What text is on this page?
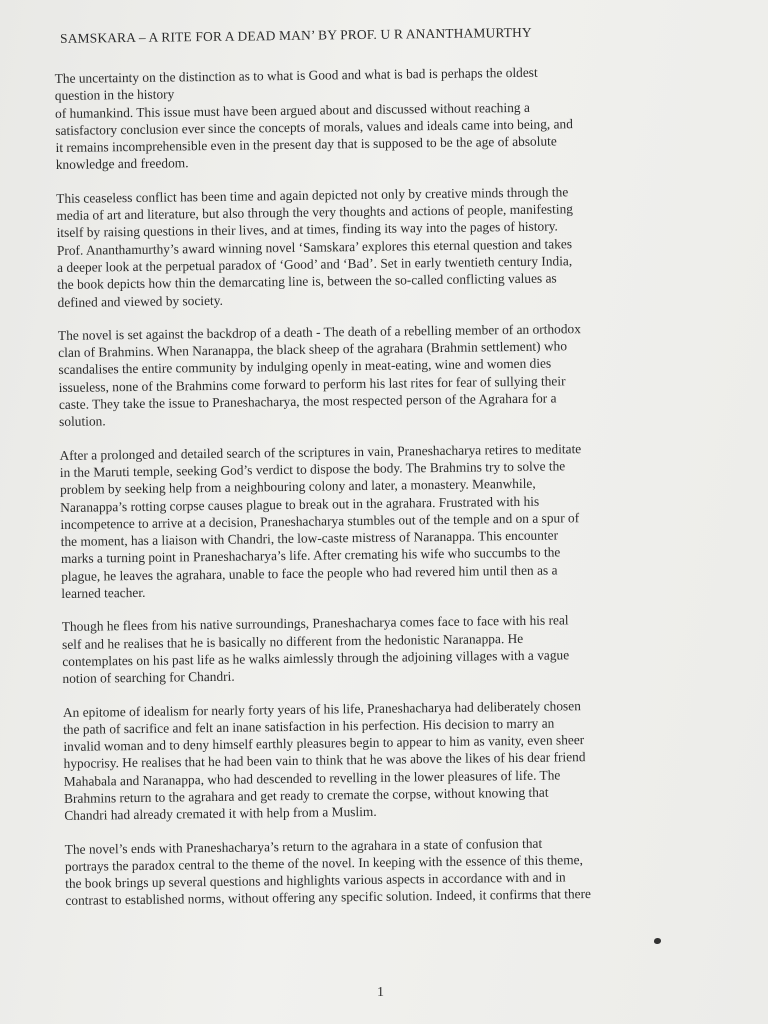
SAMSKARA – A RITE FOR A DEAD MAN’ BY PROF. U R ANANTHAMURTHY

The uncertainty on the distinction as to what is Good and what is bad is perhaps the oldest
question in the history
of humankind. This issue must have been argued about and discussed without reaching a
satisfactory conclusion ever since the concepts of morals, values and ideals came into being, and
it remains incomprehensible even in the present day that is supposed to be the age of absolute
knowledge and freedom.

This ceaseless conflict has been time and again depicted not only by creative minds through the
media of art and literature, but also through the very thoughts and actions of people, manifesting
itself by raising questions in their lives, and at times, finding its way into the pages of history.
Prof. Ananthamurthy’s award winning novel ‘Samskara’ explores this eternal question and takes
a deeper look at the perpetual paradox of ‘Good’ and ‘Bad’. Set in early twentieth century India,
the book depicts how thin the demarcating line is, between the so-called conflicting values as
defined and viewed by society.

The novel is set against the backdrop of a death - The death of a rebelling member of an orthodox
clan of Brahmins. When Naranappa, the black sheep of the agrahara (Brahmin settlement) who
scandalises the entire community by indulging openly in meat-eating, wine and women dies
issueless, none of the Brahmins come forward to perform his last rites for fear of sullying their
caste. They take the issue to Praneshacharya, the most respected person of the Agrahara for a
solution.

After a prolonged and detailed search of the scriptures in vain, Praneshacharya retires to meditate
in the Maruti temple, seeking God’s verdict to dispose the body. The Brahmins try to solve the
problem by seeking help from a neighbouring colony and later, a monastery. Meanwhile,
Naranappa’s rotting corpse causes plague to break out in the agrahara. Frustrated with his
incompetence to arrive at a decision, Praneshacharya stumbles out of the temple and on a spur of
the moment, has a liaison with Chandri, the low-caste mistress of Naranappa. This encounter
marks a turning point in Praneshacharya’s life. After cremating his wife who succumbs to the
plague, he leaves the agrahara, unable to face the people who had revered him until then as a
learned teacher.

Though he flees from his native surroundings, Praneshacharya comes face to face with his real
self and he realises that he is basically no different from the hedonistic Naranappa. He
contemplates on his past life as he walks aimlessly through the adjoining villages with a vague
notion of searching for Chandri.

An epitome of idealism for nearly forty years of his life, Praneshacharya had deliberately chosen
the path of sacrifice and felt an inane satisfaction in his perfection. His decision to marry an
invalid woman and to deny himself earthly pleasures begin to appear to him as vanity, even sheer
hypocrisy. He realises that he had been vain to think that he was above the likes of his dear friend
Mahabala and Naranappa, who had descended to revelling in the lower pleasures of life. The
Brahmins return to the agrahara and get ready to cremate the corpse, without knowing that
Chandri had already cremated it with help from a Muslim.

The novel’s ends with Praneshacharya’s return to the agrahara in a state of confusion that
portrays the paradox central to the theme of the novel. In keeping with the essence of this theme,
the book brings up several questions and highlights various aspects in accordance with and in
contrast to established norms, without offering any specific solution. Indeed, it confirms that there

1
